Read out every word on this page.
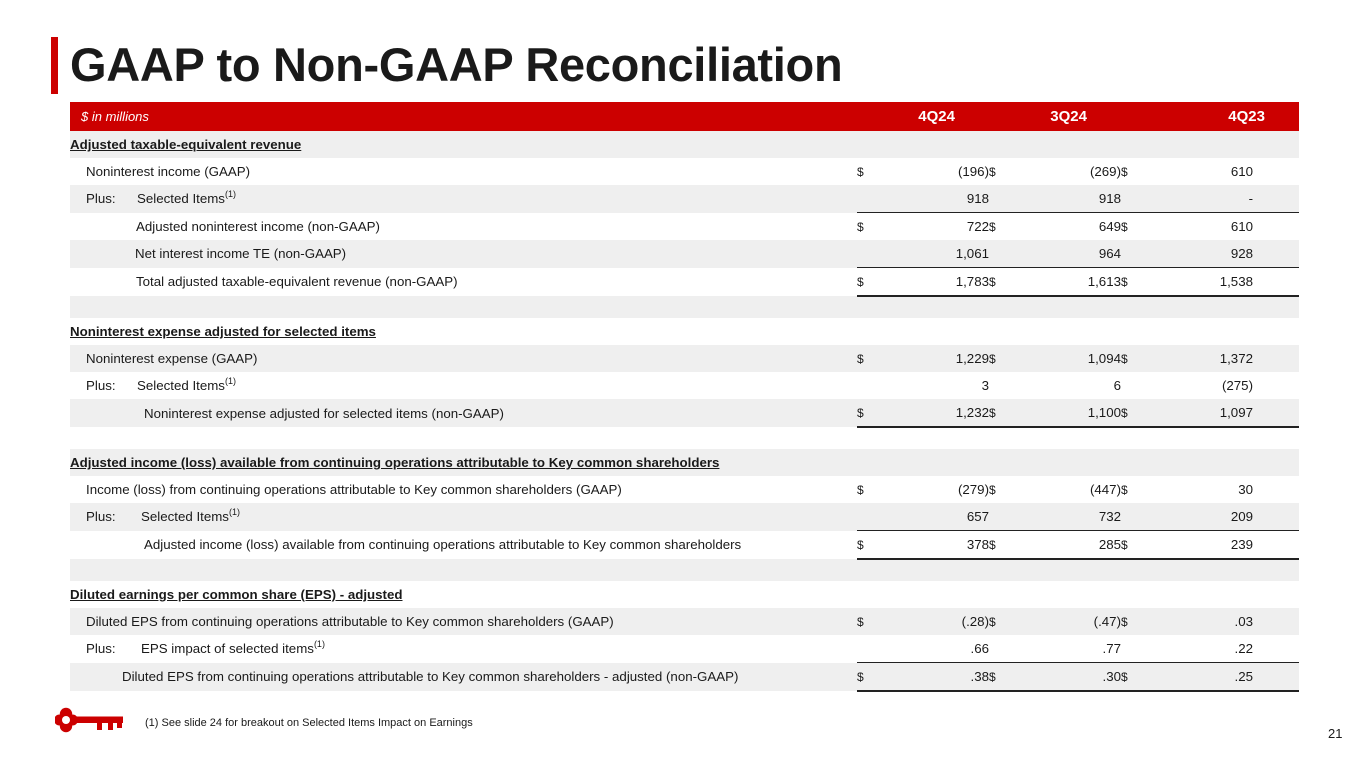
GAAP to Non-GAAP Reconciliation
$ in millions	4Q24		3Q24		4Q23	
Adjusted taxable-equivalent revenue						
Noninterest income (GAAP)	$	(196)	$	(269)	$	610
Plus: Selected Items$^{(1)}$		918		918		-
Adjusted noninterest income (non-GAAP)	$	722	$	649	$	610
Net interest income TE (non-GAAP)		1,061		964		928
Total adjusted taxable-equivalent revenue (non-GAAP)	$	1,783	$	1,613	$	1,538

Noninterest expense adjusted for selected items						
Noninterest expense (GAAP)	$	1,229	$	1,094	$	1,372
Plus: Selected Items$^{(1)}$		3		6		(275)
Noninterest expense adjusted for selected items (non-GAAP)	$	1,232	$	1,100	$	1,097

Adjusted income (loss) available from continuing operations attributable to Key common shareholders						
Income (loss) from continuing operations attributable to Key common shareholders (GAAP)	$	(279)	$	(447)	$	30
Plus: Selected Items$^{(1)}$		657		732		209
Adjusted income (loss) available from continuing operations attributable to Key common shareholders	$	378	$	285	$	239

Diluted earnings per common share (EPS) - adjusted						
Diluted EPS from continuing operations attributable to Key common shareholders (GAAP)	$	(.28)	$	(.47)	$	.03
Plus: EPS impact of selected items$^{(1)}$		.66		.77		.22
Diluted EPS from continuing operations attributable to Key common shareholders - adjusted (non-GAAP)	$	.38	$	.30	$	.25
(1) See slide 24 for breakout on Selected Items Impact on Earnings
21
